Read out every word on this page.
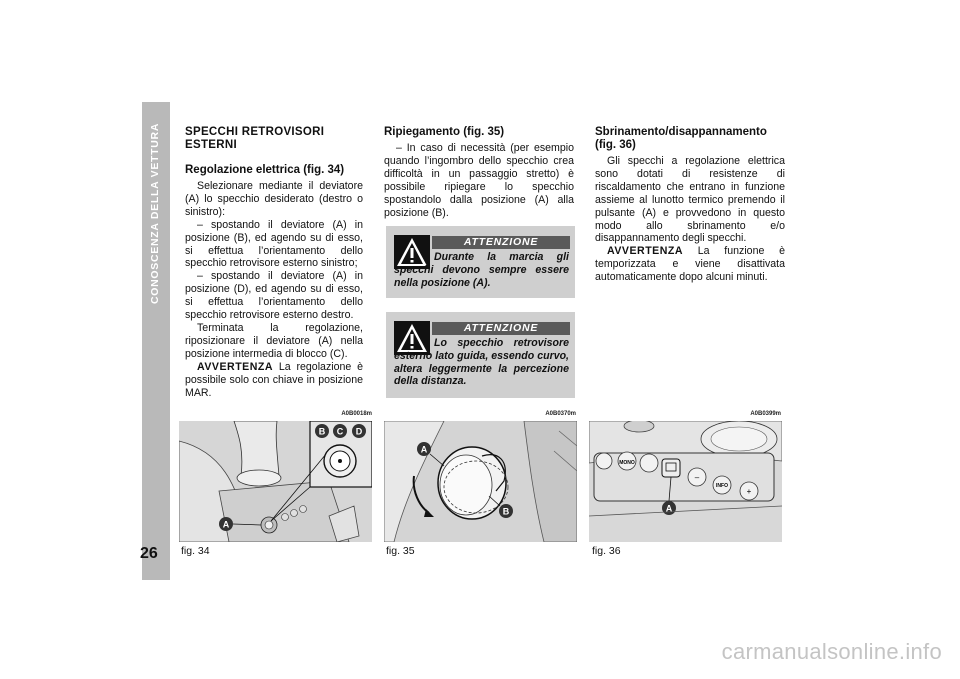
CONOSCENZA DELLA VETTURA
26
SPECCHI RETROVISORI ESTERNI
Regolazione elettrica (fig. 34)

Selezionare mediante il deviatore (A) lo specchio desiderato (destro o sinistro):

– spostando il deviatore (A) in posizione (B), ed agendo su di esso, si effettua l’orientamento dello specchio retrovisore esterno sinistro;

– spostando il deviatore (A) in posizione (D), ed agendo su di esso, si effettua l’orientamento dello specchio retrovisore esterno destro.

Terminata la regolazione, riposizionare il deviatore (A) nella posizione intermedia di blocco (C).

AVVERTENZA La regolazione è possibile solo con chiave in posizione MAR.

Ripiegamento (fig. 35)

– In caso di necessità (per esempio quando l’ingombro dello specchio crea difficoltà in un passaggio stretto) è possibile ripiegare lo specchio spostandolo dalla posizione (A) alla posizione (B).

ATTENZIONE
Durante la marcia gli specchi devono sempre essere nella posizione (A).
ATTENZIONE
Lo specchio retrovisore esterno lato guida, essendo curvo, altera leggermente la percezione della distanza.
Sbrinamento/disappannamento (fig. 36)

Gli specchi a regolazione elettrica sono dotati di resistenze di riscaldamento che entrano in funzione assieme al lunotto termico premendo il pulsante (A) e provvedono in questo modo allo sbrinamento e/o disappannamento degli specchi.

AVVERTENZA La funzione è temporizzata e viene disattivata automaticamente dopo alcuni minuti.

A0B0018m
B C D
A
fig. 34
A0B0370m
A
B
fig. 35
A0B0399m
MONO
–
INFO
+
A
fig. 36
carmanualsonline.info
